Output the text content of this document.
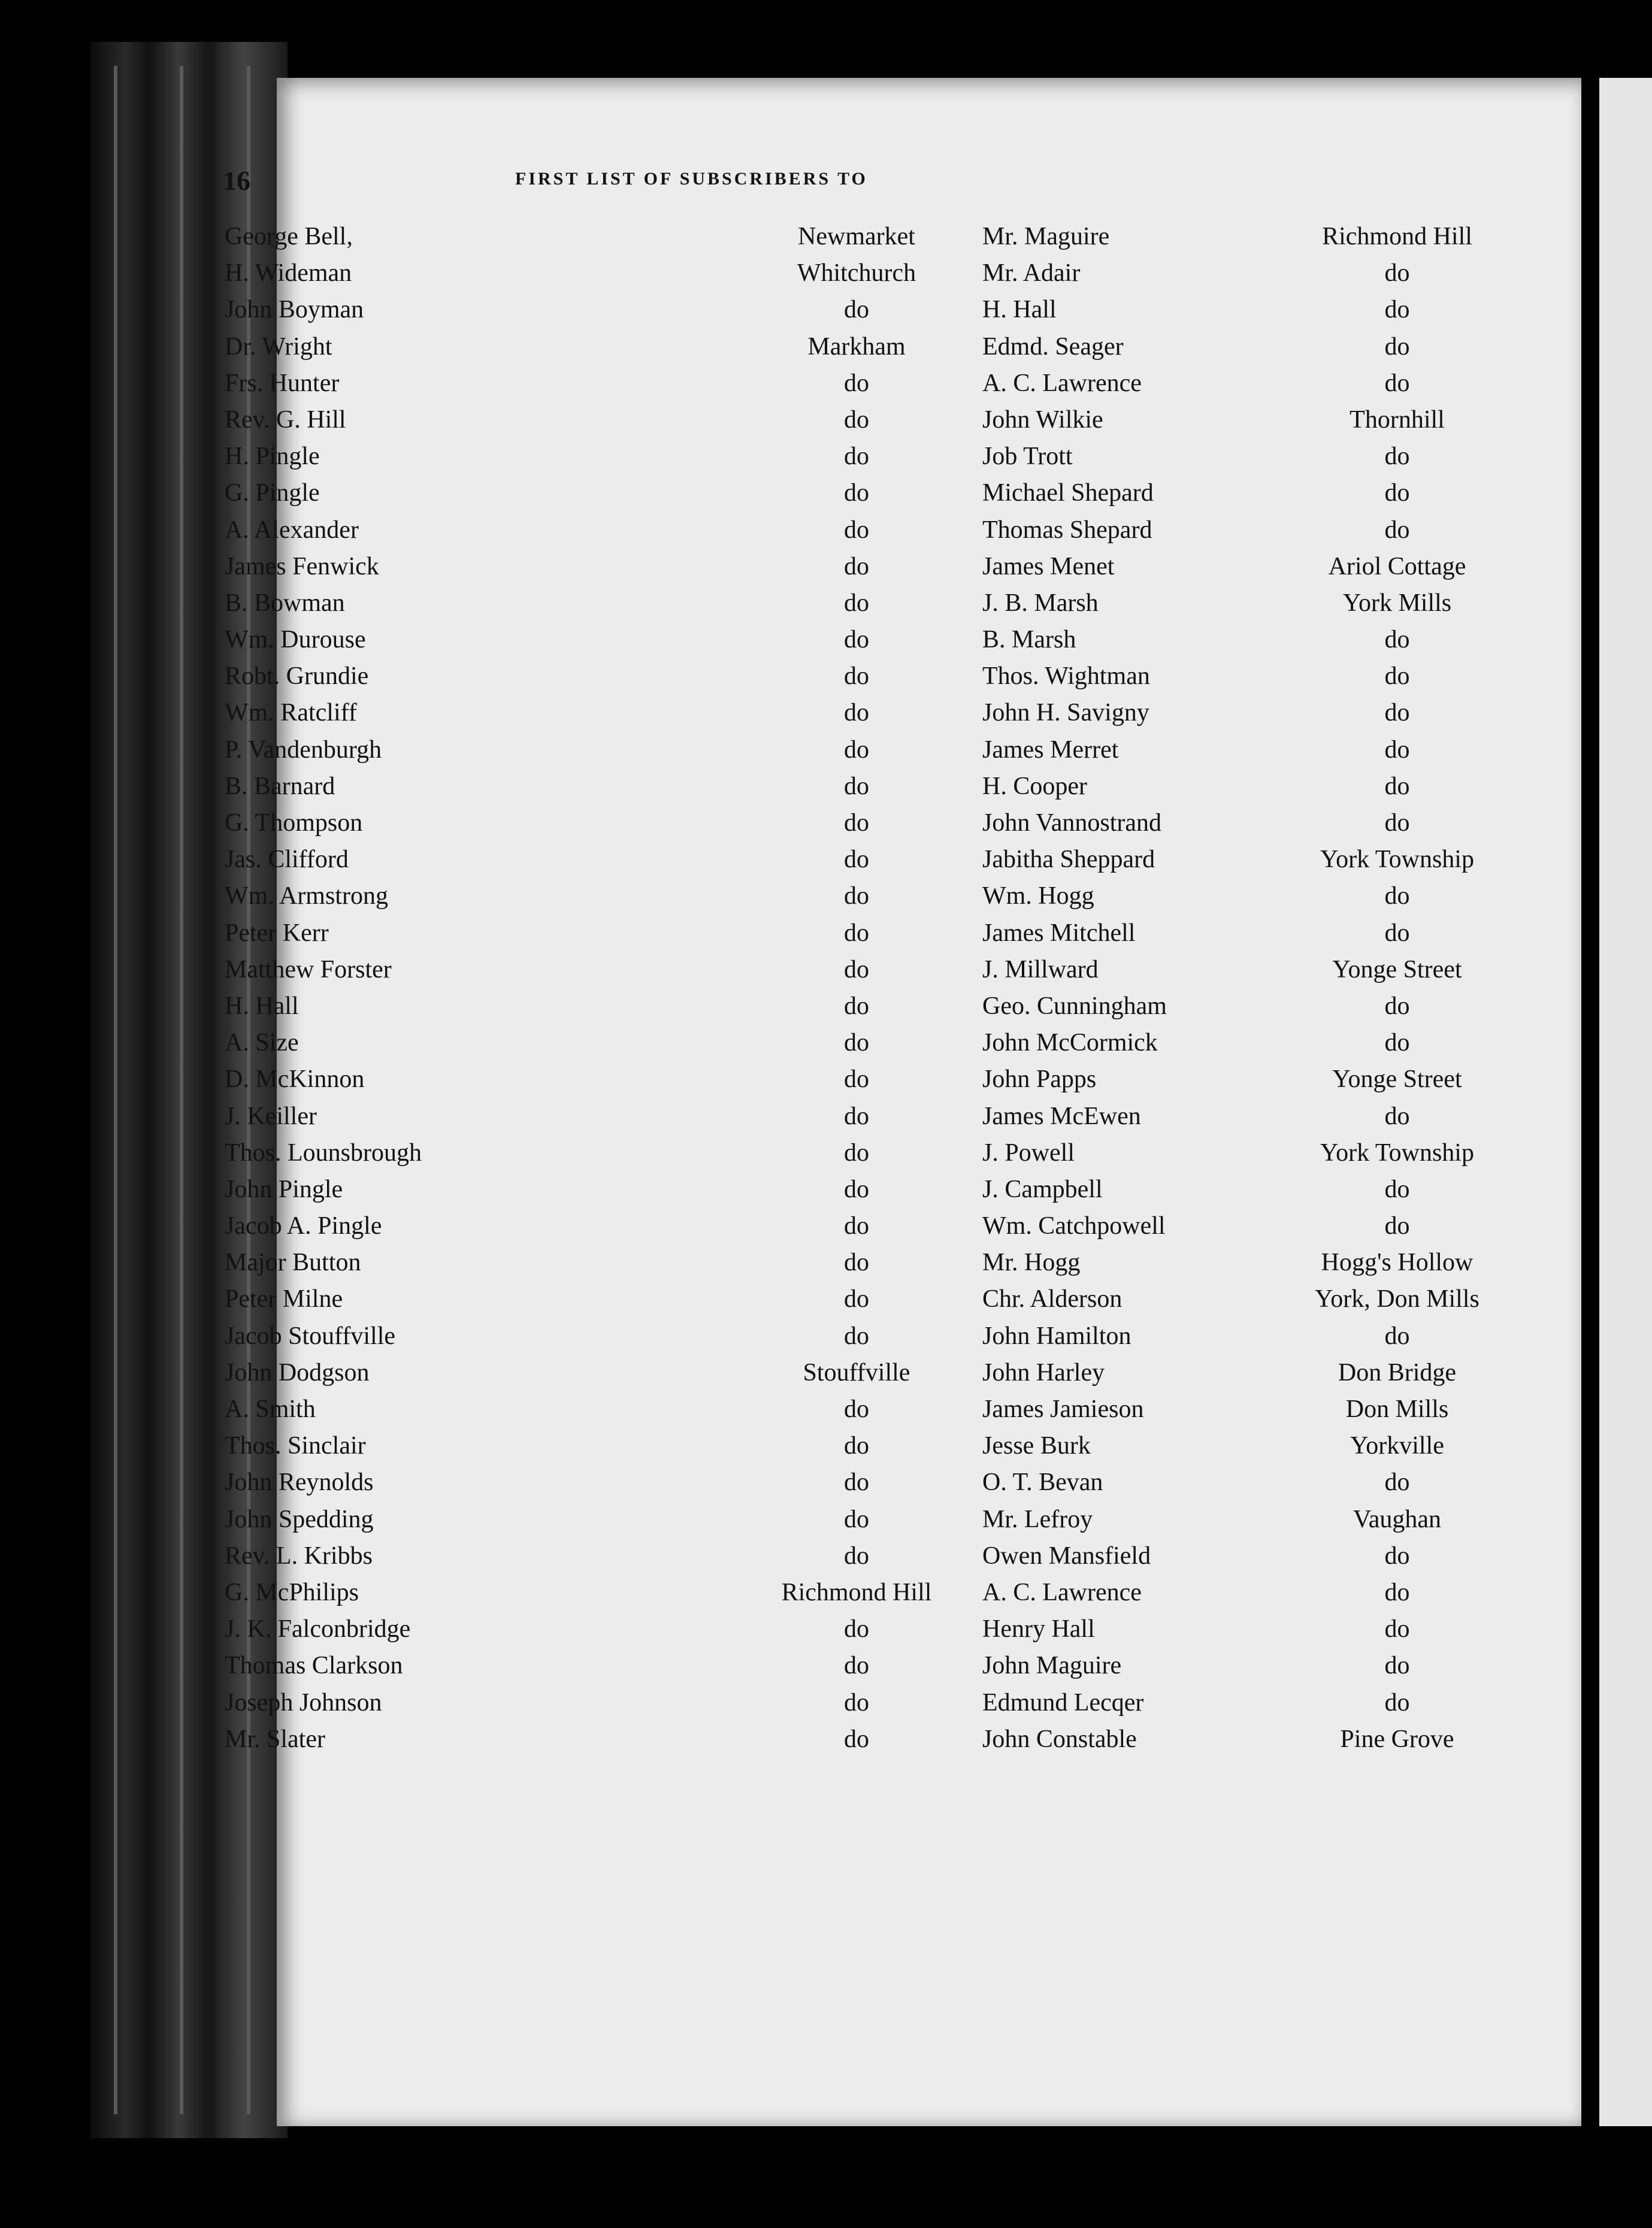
16	FIRST LIST OF SUBSCRIBERS TO
George Bell,	Newmarket	Mr. Maguire	Richmond Hill
H. Wideman	Whitchurch	Mr. Adair	do
John Boyman	do	H. Hall	do
Dr. Wright	Markham	Edmd. Seager	do
Frs. Hunter	do	A. C. Lawrence	do
Rev. G. Hill	do	John Wilkie	Thornhill
H. Pingle	do	Job Trott	do
G. Pingle	do	Michael Shepard	do
A. Alexander	do	Thomas Shepard	do
James Fenwick	do	James Menet	Ariol Cottage
B. Bowman	do	J. B. Marsh	York Mills
Wm. Durouse	do	B. Marsh	do
Robt. Grundie	do	Thos. Wightman	do
Wm. Ratcliff	do	John H. Savigny	do
P. Vandenburgh	do	James Merret	do
B. Barnard	do	H. Cooper	do
G. Thompson	do	John Vannostrand	do
Jas. Clifford	do	Jabitha Sheppard	York Township
Wm. Armstrong	do	Wm. Hogg	do
Peter Kerr	do	James Mitchell	do
Matthew Forster	do	J. Millward	Yonge Street
H. Hall	do	Geo. Cunningham	do
A. Size	do	John McCormick	do
D. McKinnon	do	John Papps	Yonge Street
J. Keiller	do	James McEwen	do
Thos. Lounsbrough	do	J. Powell	York Township
John Pingle	do	J. Campbell	do
Jacob A. Pingle	do	Wm. Catchpowell	do
Major Button	do	Mr. Hogg	Hogg's Hollow
Peter Milne	do	Chr. Alderson	York, Don Mills
Jacob Stouffville	do	John Hamilton	do
John Dodgson	Stouffville	John Harley	Don Bridge
A. Smith	do	James Jamieson	Don Mills
Thos. Sinclair	do	Jesse Burk	Yorkville
John Reynolds	do	O. T. Bevan	do
John Spedding	do	Mr. Lefroy	Vaughan
Rev. L. Kribbs	do	Owen Mansfield	do
G. McPhilips	Richmond Hill	A. C. Lawrence	do
J. K. Falconbridge	do	Henry Hall	do
Thomas Clarkson	do	John Maguire	do
Joseph Johnson	do	Edmund Lecqer	do
Mr. Slater	do	John Constable	Pine Grove
